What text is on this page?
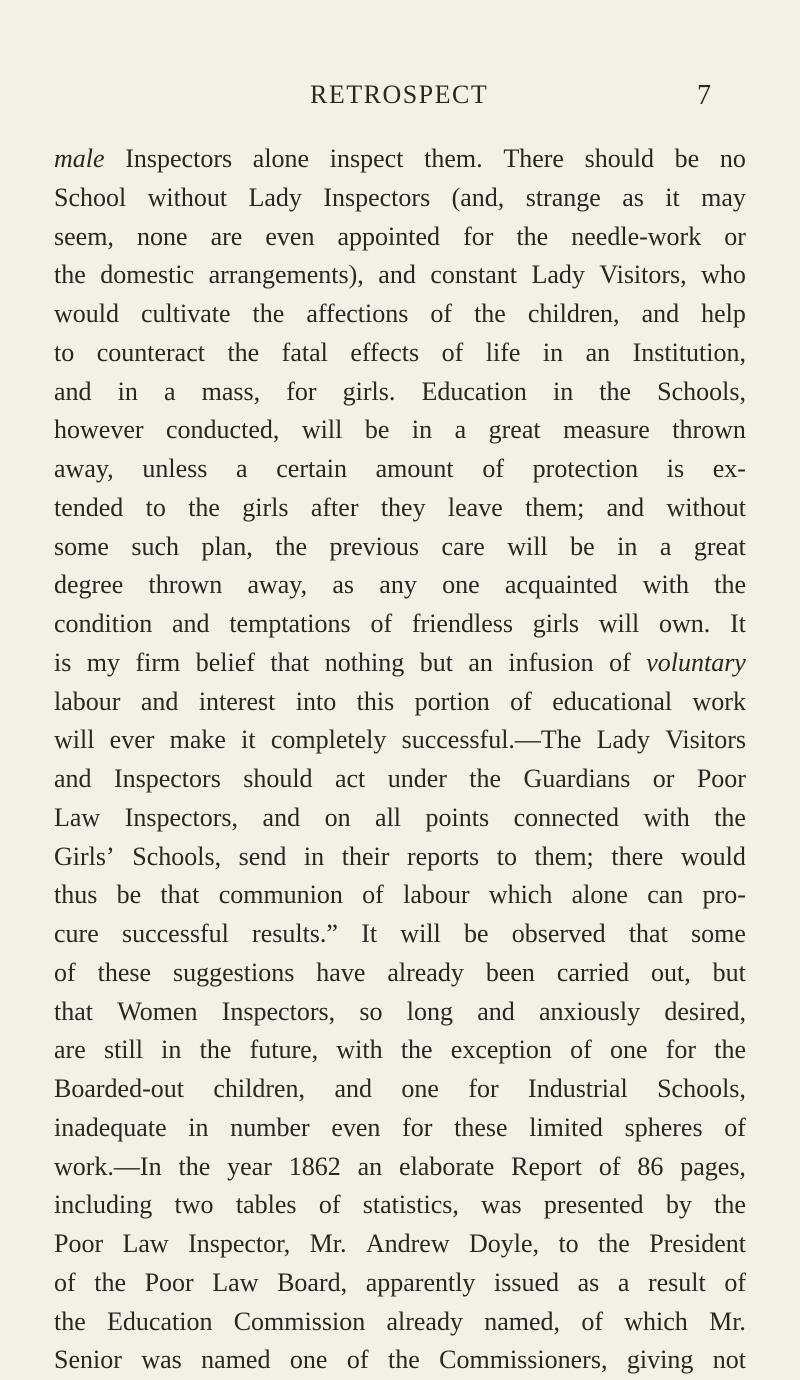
RETROSPECT	7
male Inspectors alone inspect them. There should be no
School without Lady Inspectors (and, strange as it may
seem, none are even appointed for the needle-work or
the domestic arrangements), and constant Lady Visitors, who
would cultivate the affections of the children, and help
to counteract the fatal effects of life in an Institution,
and in a mass, for girls. Education in the Schools,
however conducted, will be in a great measure thrown
away, unless a certain amount of protection is ex-
tended to the girls after they leave them; and without
some such plan, the previous care will be in a great
degree thrown away, as any one acquainted with the
condition and temptations of friendless girls will own. It
is my firm belief that nothing but an infusion of voluntary
labour and interest into this portion of educational work
will ever make it completely successful.—The Lady Visitors
and Inspectors should act under the Guardians or Poor
Law Inspectors, and on all points connected with the
Girls’ Schools, send in their reports to them; there would
thus be that communion of labour which alone can pro-
cure successful results.” It will be observed that some
of these suggestions have already been carried out, but
that Women Inspectors, so long and anxiously desired,
are still in the future, with the exception of one for the
Boarded-out children, and one for Industrial Schools,
inadequate in number even for these limited spheres of
work.—In the year 1862 an elaborate Report of 86 pages,
including two tables of statistics, was presented by the
Poor Law Inspector, Mr. Andrew Doyle, to the President
of the Poor Law Board, apparently issued as a result of
the Education Commission already named, of which Mr.
Senior was named one of the Commissioners, giving not
